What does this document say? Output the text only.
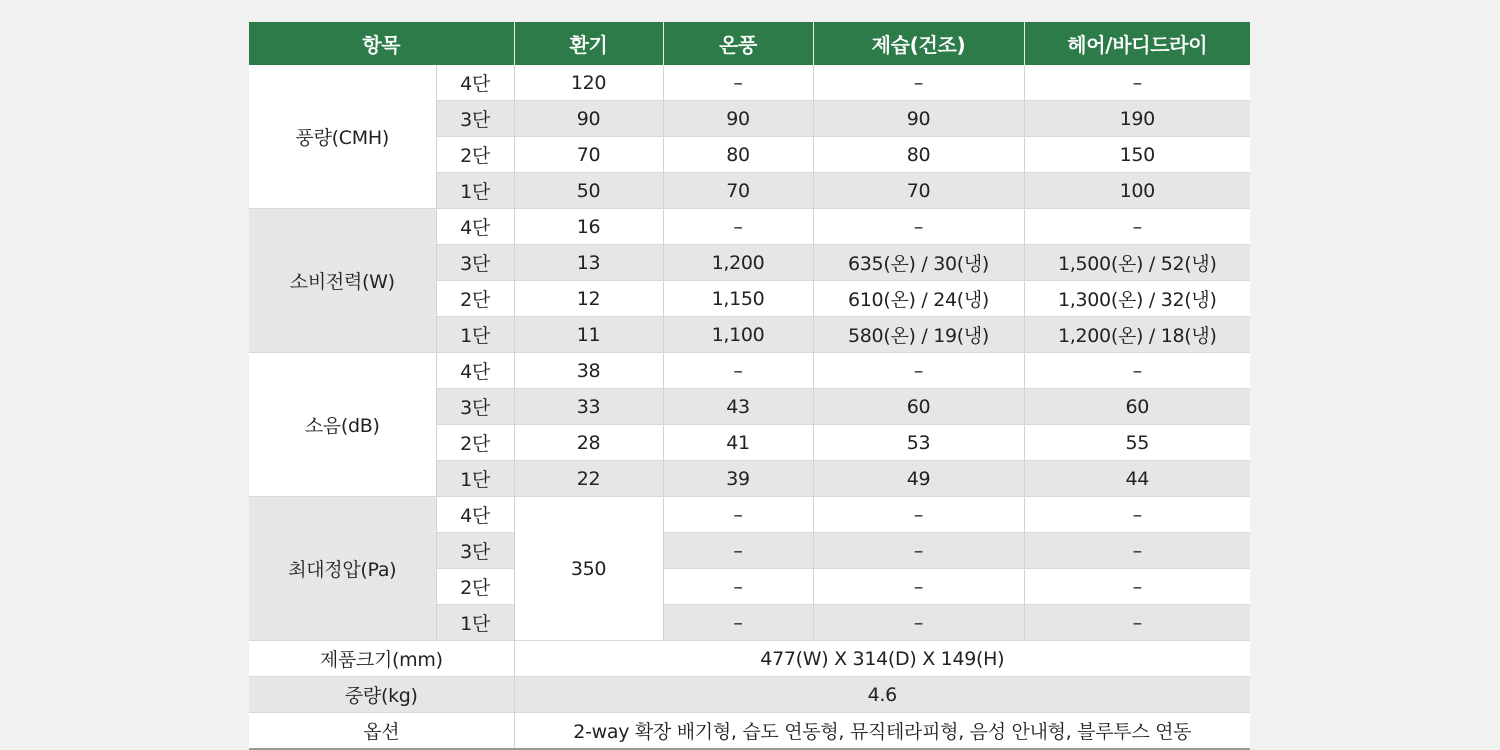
항목		환기	온풍	제습(건조)	헤어/바디드라이
풍량(CMH)	4단	120	–	–	–
	3단	90	90	90	190
	2단	70	80	80	150
	1단	50	70	70	100
소비전력(W)	4단	16	–	–	–
	3단	13	1,200	635(온) / 30(냉)	1,500(온) / 52(냉)
	2단	12	1,150	610(온) / 24(냉)	1,300(온) / 32(냉)
	1단	11	1,100	580(온) / 19(냉)	1,200(온) / 18(냉)
소음(dB)	4단	38	–	–	–
	3단	33	43	60	60
	2단	28	41	53	55
	1단	22	39	49	44
최대정압(Pa)	4단	350	–	–	–
	3단		–	–	–
	2단		–	–	–
	1단		–	–	–
제품크기(mm)		477(W) X 314(D) X 149(H)			
중량(kg)		4.6			
옵션		2-way 확장 배기형, 습도 연동형, 뮤직테라피형, 음성 안내형, 블루투스 연동			
